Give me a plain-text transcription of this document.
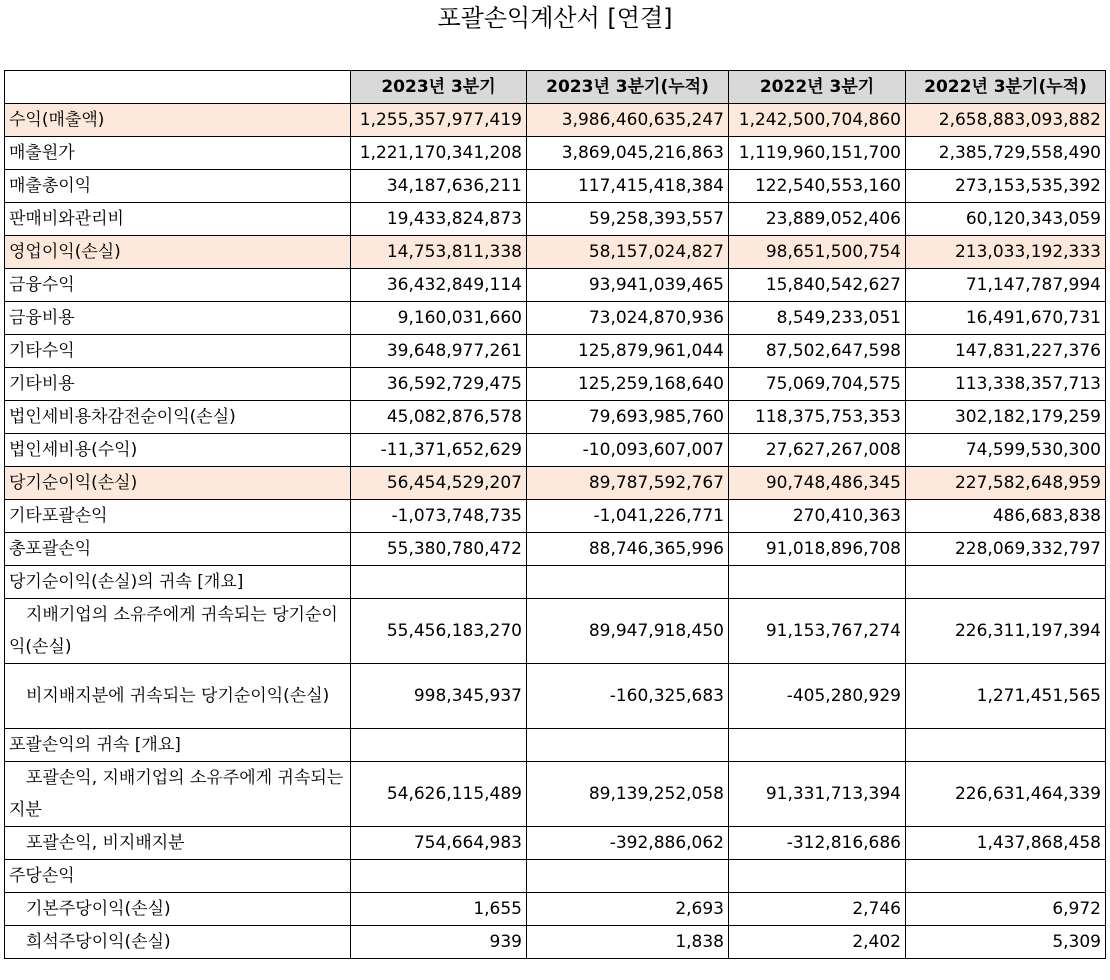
포괄손익계산서 [연결]
	2023년 3분기	2023년 3분기(누적)	2022년 3분기	2022년 3분기(누적)
수익(매출액)	1,255,357,977,419	3,986,460,635,247	1,242,500,704,860	2,658,883,093,882
매출원가	1,221,170,341,208	3,869,045,216,863	1,119,960,151,700	2,385,729,558,490
매출총이익	34,187,636,211	117,415,418,384	122,540,553,160	273,153,535,392
판매비와관리비	19,433,824,873	59,258,393,557	23,889,052,406	60,120,343,059
영업이익(손실)	14,753,811,338	58,157,024,827	98,651,500,754	213,033,192,333
금융수익	36,432,849,114	93,941,039,465	15,840,542,627	71,147,787,994
금융비용	9,160,031,660	73,024,870,936	8,549,233,051	16,491,670,731
기타수익	39,648,977,261	125,879,961,044	87,502,647,598	147,831,227,376
기타비용	36,592,729,475	125,259,168,640	75,069,704,575	113,338,357,713
법인세비용차감전순이익(손실)	45,082,876,578	79,693,985,760	118,375,753,353	302,182,179,259
법인세비용(수익)	-11,371,652,629	-10,093,607,007	27,627,267,008	74,599,530,300
당기순이익(손실)	56,454,529,207	89,787,592,767	90,748,486,345	227,582,648,959
기타포괄손익	-1,073,748,735	-1,041,226,771	270,410,363	486,683,838
총포괄손익	55,380,780,472	88,746,365,996	91,018,896,708	228,069,332,797
당기순이익(손실)의 귀속 [개요]				
　지배기업의 소유주에게 귀속되는 당기순이익(손실)	55,456,183,270	89,947,918,450	91,153,767,274	226,311,197,394
　비지배지분에 귀속되는 당기순이익(손실)	998,345,937	-160,325,683	-405,280,929	1,271,451,565
포괄손익의 귀속 [개요]				
　포괄손익, 지배기업의 소유주에게 귀속되는 지분	54,626,115,489	89,139,252,058	91,331,713,394	226,631,464,339
　포괄손익, 비지배지분	754,664,983	-392,886,062	-312,816,686	1,437,868,458
주당손익				
　기본주당이익(손실)	1,655	2,693	2,746	6,972
　희석주당이익(손실)	939	1,838	2,402	5,309
